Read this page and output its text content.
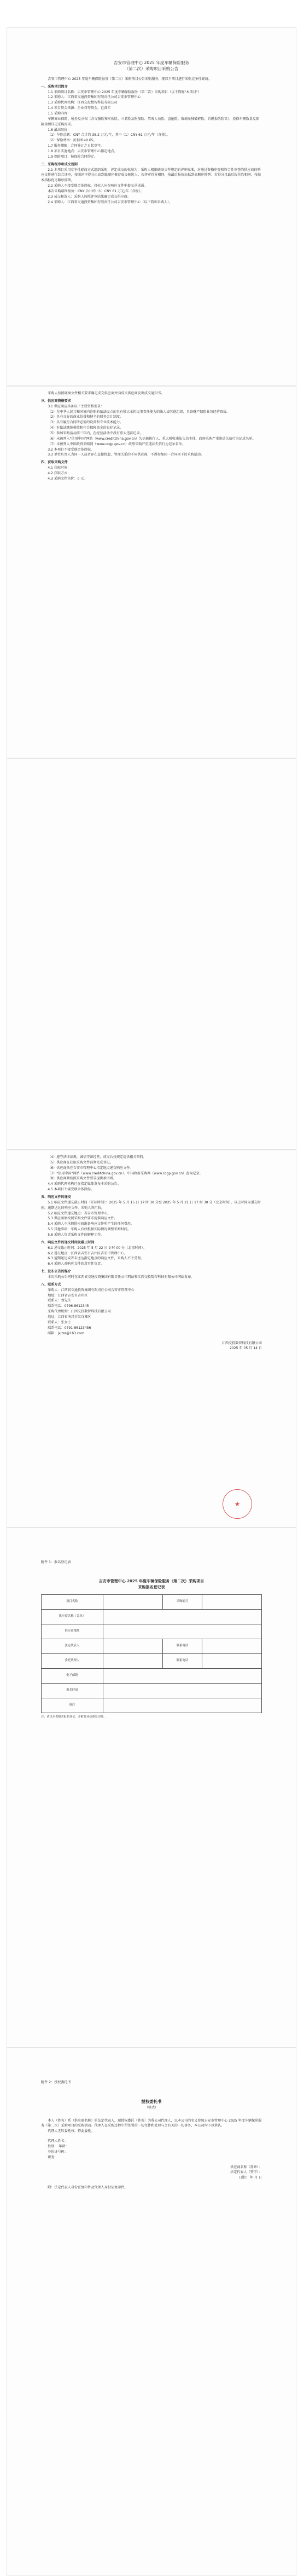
吉安市管理中心 2025 年度车辆保险服务
（第二次）采购项目采购公告

吉安市管理中心 2025 年度车辆保险服务（第二次）采购项目公告采购服务，现以下项目进行采购竞争性磋商。

一、采购项目简介

1.1 采购项目名称：吉安市管理中心 2025 年度车辆保险服务（第二次）采购项目（以下简称"本项目"）

1.2 采购人：江西省交通投资集团有限责任公司吉安市管理中心

1.3 采购代理机构：江西交投数智科技有限公司

1.4 项目资金来源：企业自筹资金，已落实

1.5 采购内容：

车辆商业保险、税务及承保（含交强险和车损险、三者险及附加险、驾乘人员险、盗抢险、玻璃单独破碎险、自燃损失险等），投保车辆数量及保险金额详见采购需求。

1.6 最高限价：

（1）车险总额：CNY 合计约 38.2 万元/年，其中（1）CNY 61 万元/年（含税）。

（2）保险费率：折扣率≤0.65。

1.7 服务期限：合同签订之日起壹年。

1.8 项目实施地点：吉安市管理中心指定地点。

1.9 保险项目：按保险合同约定。

二、采购程序和成交规则

2.1 本项目采用竞争性磋商方式组织采购，评定成交的标准为：采购人根据磋商文件规定的评审标准，对通过资格审查和符合性审查的供应商的响应文件进行综合评审，按照评审得分由高到低顺序推荐成交候选人。若评审得分相同，按最后报价由低到高顺序排列；若得分且最后报价均相同，按技术指标优劣顺序排列。

2.2 采购人不接受联合体投标，投标人应在响应文件中提交承诺函。

本次采购最终报价：CNY 合计约（1）CNY 61 万元/年（含税）。

2.3 成交候选人：采购人按照评审结果确定成交供应商。

2.4 采购人：江西省交通投资集团有限责任公司吉安市管理中心（以下简称采购人）。

采购人按照磋商文件相关要求确定成交供应商并向成交供应商发出成交通知书。

三、供应商资格要求

3.1 供应商应具备以下主要资格要求：

（1）在中华人民共和国境内注册的依法设立的具有独立承担民事责任能力的法人或其他组织，具备财产保险业务经营资质。

（2）具有良好的商业信誉和健全的财务会计制度。

（3）具有履行合同所必需的设备和专业技术能力。

（4）有依法缴纳税收和社会保障资金的良好记录。

（5）参加采购活动前三年内，在经营活动中没有重大违法记录。

（6）未被列入"信用中国"网站（www.creditchina.gov.cn）失信被执行人、重大税收违法失信主体、政府采购严重违法失信行为记录名单。

（7）未被列入中国政府采购网（www.ccgp.gov.cn）政府采购严重违法失信行为记录名单。

3.2 本项目不接受联合体投标。

3.3 单位负责人为同一人或者存在直接控股、管理关系的不同供应商，不得参加同一合同项下的采购活动。

四、获取采购文件

4.1 获取时间：

4.2 获取方式：

4.3 采购文件售价：0 元。

（4）遵守法律法规，诚信守法经营，成交后按规定提供相关资料。

（5）供应商在获取采购文件前须完成登记。

（6）供应商须在吉安市管理中心指定地点递交响应文件。

（7）"信用中国"网站（www.creditchina.gov.cn）、中国政府采购网（www.ccgp.gov.cn）查询记录。

（8）供应商须按照采购文件要求提供承诺函。

4.4 采购代理机构已在指定媒体发布本采购公告。

4.5 本项目不接受联合体投标。

五、响应文件的递交

5.1 响应文件递交截止时间（开标时间）：2025 年 5 月 15 日 17 时 30 分至 2025 年 5 月 21 日 17 时 30 分（北京时间），以上时间为递交时间，逾期送达的响应文件，采购人将拒收。

5.2 响应文件递交地点：吉安市管理中心。

5.3 供应商须按照采购文件要求提供响应文件。

5.4 采购人不承担供应商准备响应文件所产生的任何费用。

5.5 其他事项：采购人有权根据实际情况调整采购时间。

5.6 采购人负责采购文件的解释工作。

六、响应文件的递交时间及截止时间

6.1 递交截止时间：2025 年 5 月 22 日 9 时 00 分（北京时间）。

6.2 递交地点：江西省吉安市吉州区吉安市管理中心。

6.3 逾期送达或者未送达指定地点的响应文件，采购人不予受理。

6.4 采购人对响应文件的真实性负责。

七、发布公告的媒介

本次采购公告同时在江西省交通投资集团有限责任公司网站和江西交投数智科技有限公司网站发布。

八、联系方式

采购人：江西省交通投资集团有限责任公司吉安市管理中心

地址：江西省吉安市吉州区

联系人：刘先生

联系电话：0796-8612345

采购代理机构：江西交投数智科技有限公司

地址：江西省南昌市红谷滩区

联系人：张女士

联系电话：0791-86123456

邮箱：jxjtsz@163.com

江西交投数智科技有限公司

2025 年 05 月 14 日

★

附件 1：报名登记表

吉安市管理中心 2025 年度车辆保险服务（第二次）采购项目

采购报名登记表

项目名称		采购编号	
供应商名称（盖章）			
供应商地址			
法定代表人		联系电话	
委托代理人		联系电话	
电子邮箱			
报名时间			
备注			

注：请以本表格式报名登记，并附营业执照复印件。

附件 2：授权委托书

授权委托书

（格式）

本人（姓名）系（供应商名称）的法定代表人，现授权委托（姓名）为我公司代理人，以本公司的名义参加吉安市管理中心 2025 年度车辆保险服务（第二次）采购项目的采购活动。代理人在采购过程中所签署的一切文件和处理与之有关的一切事务，本公司均予以承认。

代理人无转委托权。特此委托。

代理人姓名：

性别： 年龄：

身份证号码：

职务：

供应商名称（盖章）：

法定代表人（签字）：

日期： 年 月 日

附：法定代表人身份证复印件及代理人身份证复印件。
